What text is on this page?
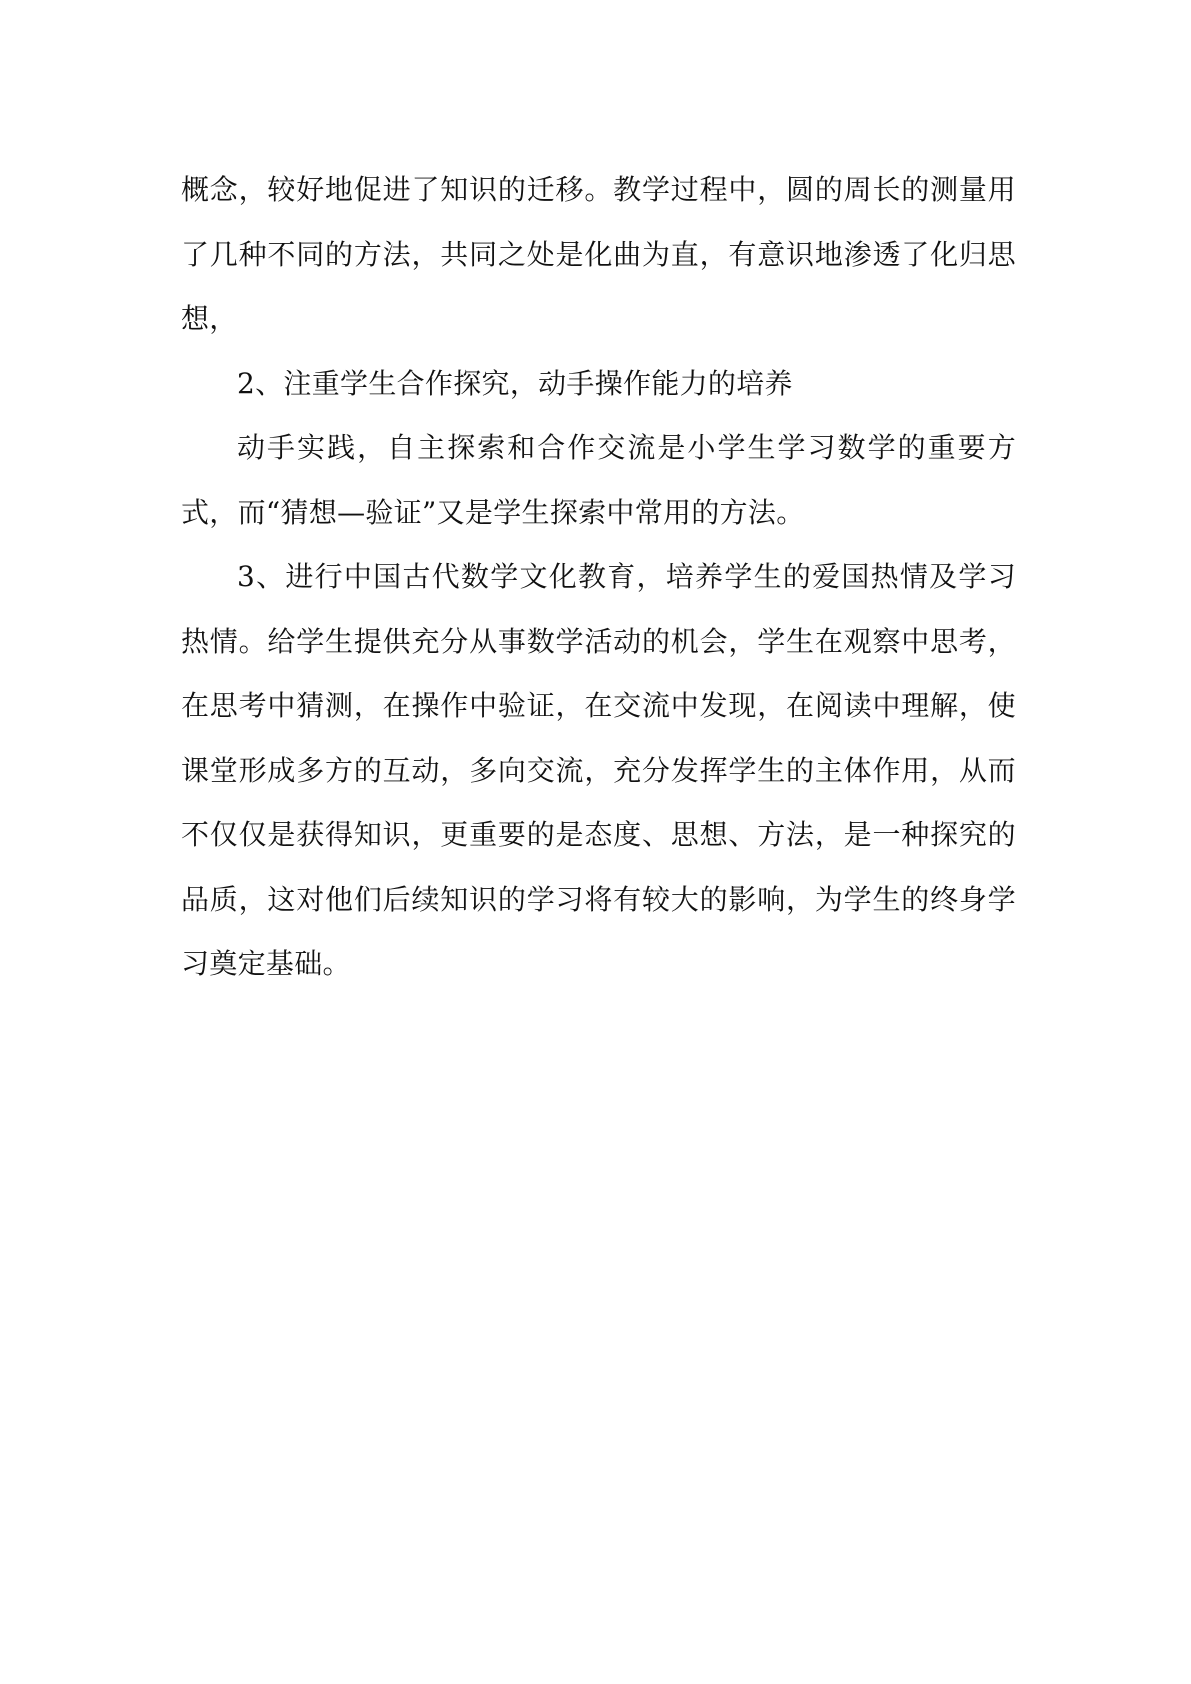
概念，较好地促进了知识的迁移。教学过程中，圆的周长的测量用了几种不同的方法，共同之处是化曲为直，有意识地渗透了化归思想，

2、注重学生合作探究，动手操作能力的培养

动手实践，自主探索和合作交流是小学生学习数学的重要方式，而“猜想—验证”又是学生探索中常用的方法。

3、进行中国古代数学文化教育，培养学生的爱国热情及学习热情。给学生提供充分从事数学活动的机会，学生在观察中思考，在思考中猜测，在操作中验证，在交流中发现，在阅读中理解，使课堂形成多方的互动，多向交流，充分发挥学生的主体作用，从而不仅仅是获得知识，更重要的是态度、思想、方法，是一种探究的品质，这对他们后续知识的学习将有较大的影响，为学生的终身学习奠定基础。
